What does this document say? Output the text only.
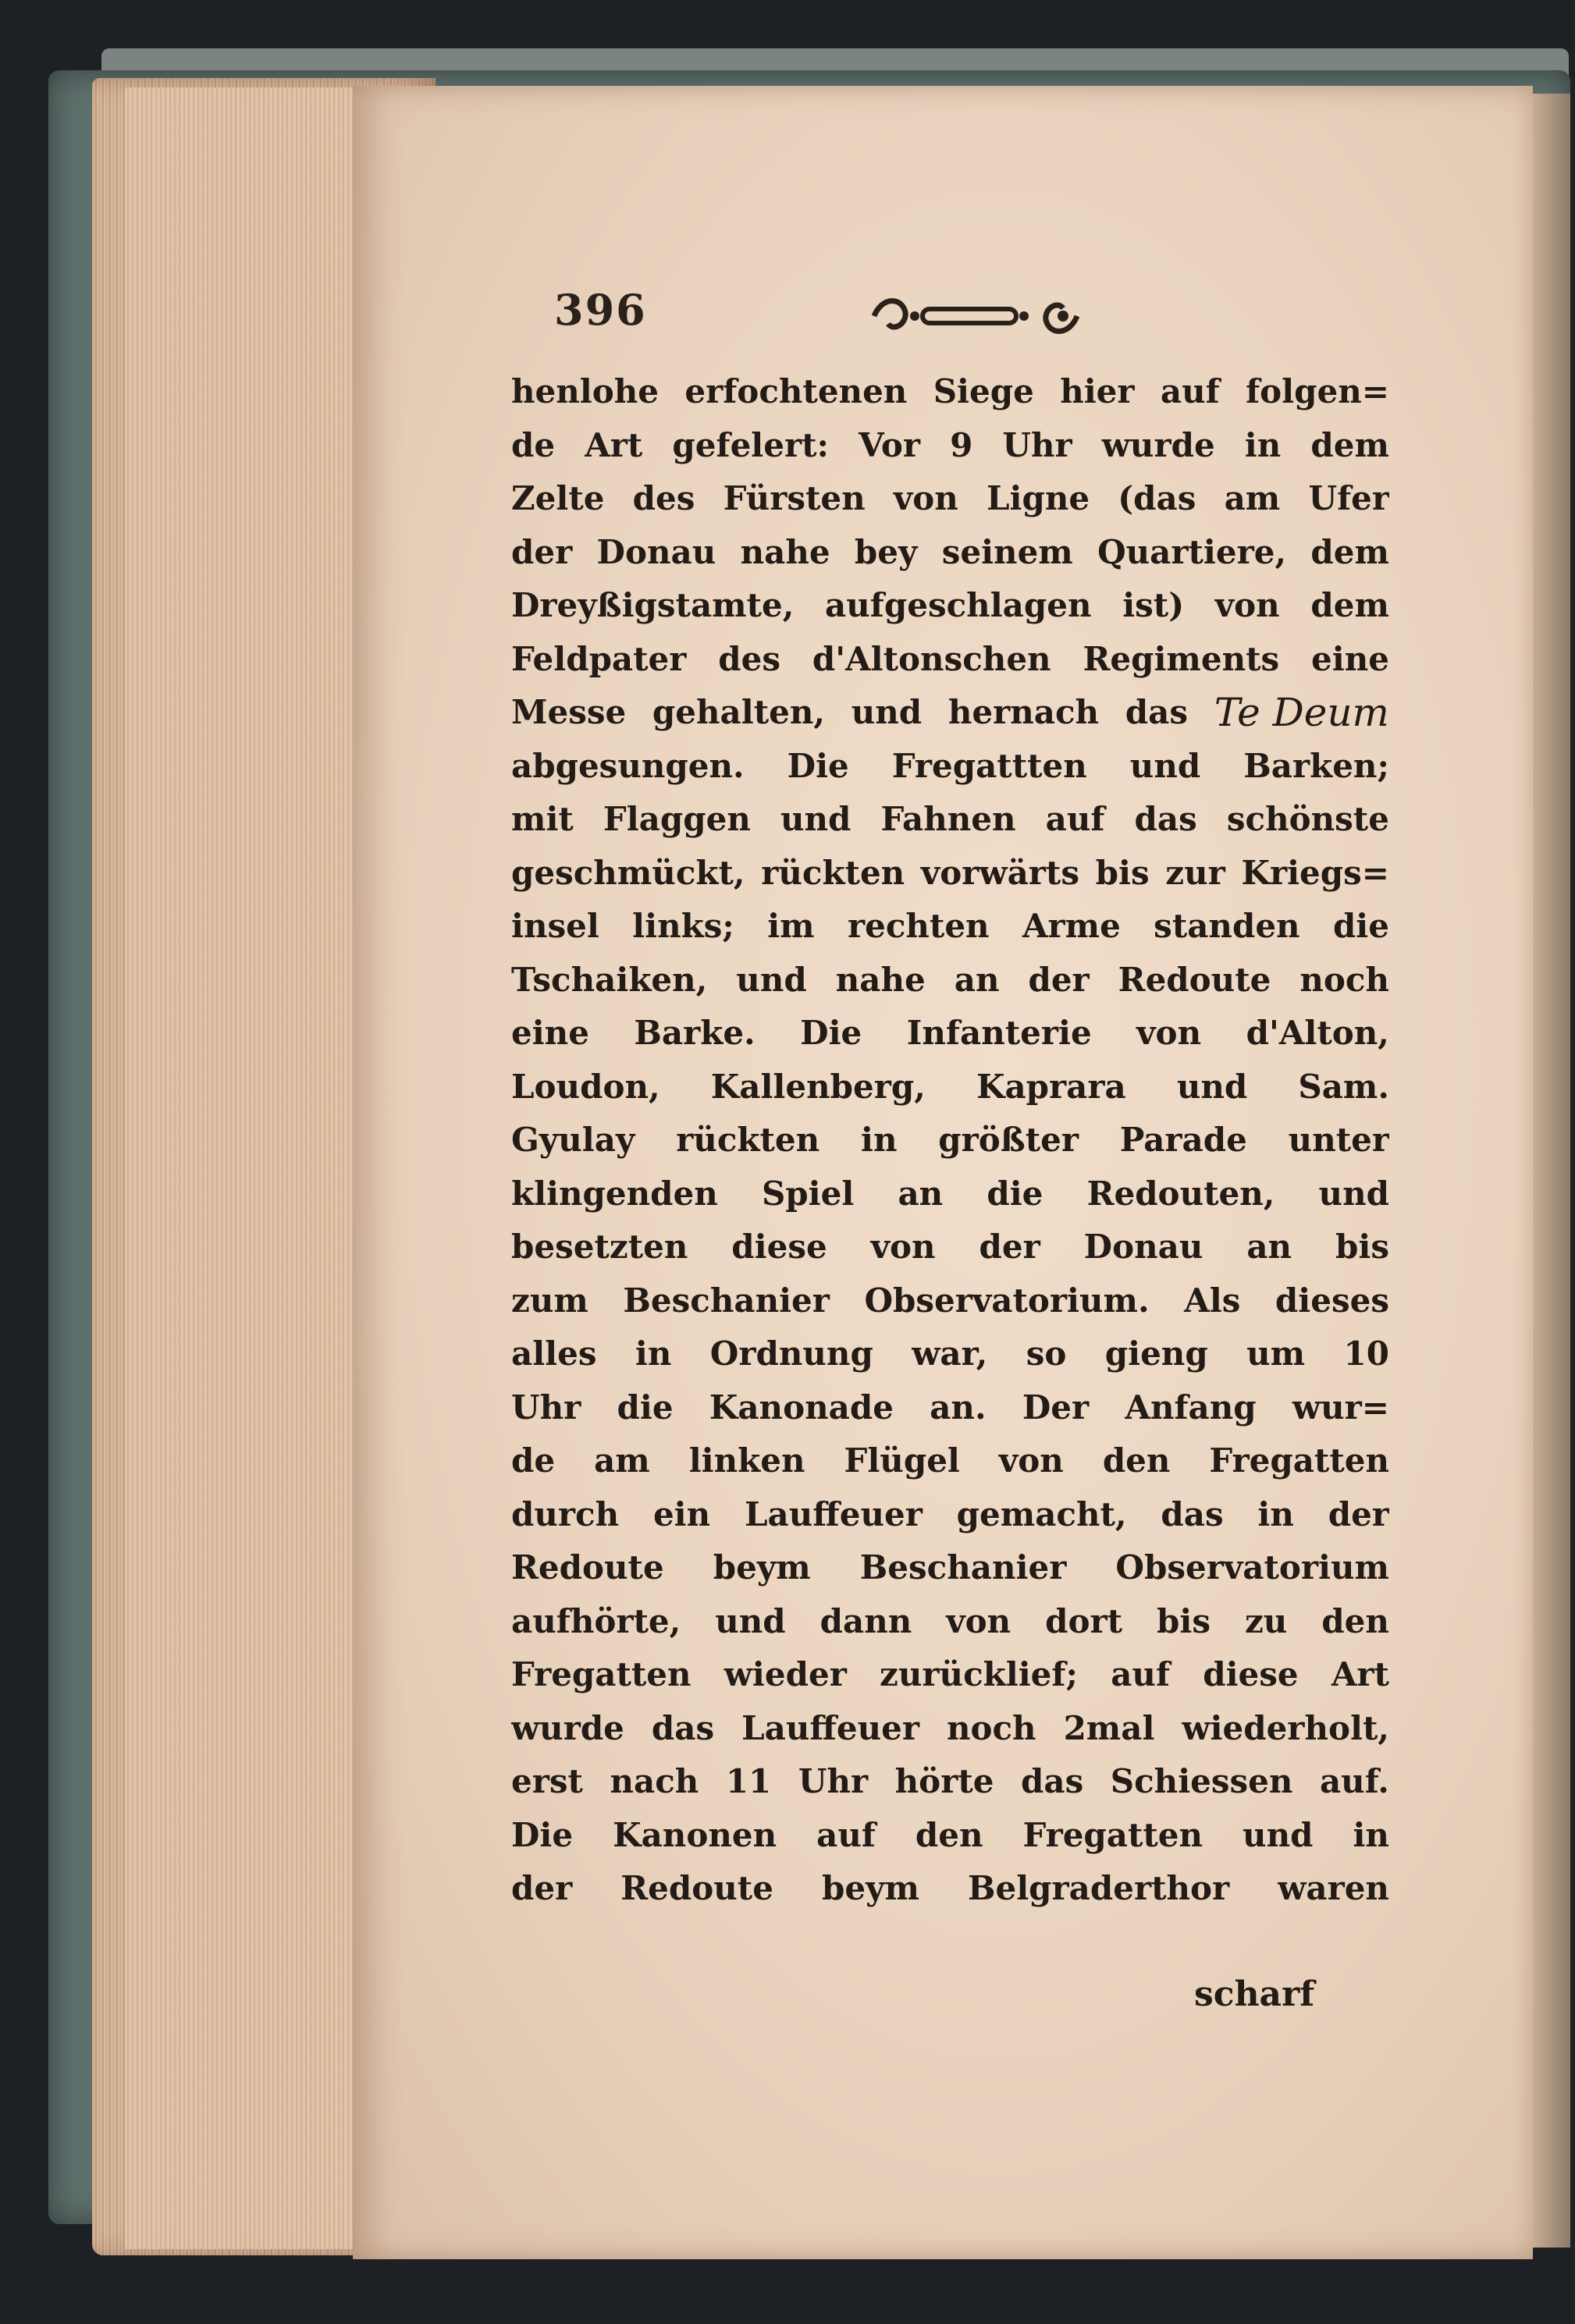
396
henlohe erfochtenen Siege hier auf folgen=
de Art gefelert: Vor 9 Uhr wurde in dem
Zelte des Fürsten von Ligne (das am Ufer
der Donau nahe bey seinem Quartiere, dem
Dreyßigstamte, aufgeschlagen ist) von dem
Feldpater des d'Altonschen Regiments eine
Messe gehalten, und hernach das Te Deum
abgesungen. Die Fregattten und Barken;
mit Flaggen und Fahnen auf das schönste
geschmückt, rückten vorwärts bis zur Kriegs=
insel links; im rechten Arme standen die
Tschaiken, und nahe an der Redoute noch
eine Barke. Die Infanterie von d'Alton,
Loudon, Kallenberg, Kaprara und Sam.
Gyulay rückten in größter Parade unter
klingenden Spiel an die Redouten, und
besetzten diese von der Donau an bis
zum Beschanier Observatorium. Als dieses
alles in Ordnung war, so gieng um 10
Uhr die Kanonade an. Der Anfang wur=
de am linken Flügel von den Fregatten
durch ein Lauffeuer gemacht, das in der
Redoute beym Beschanier Observatorium
aufhörte, und dann von dort bis zu den
Fregatten wieder zurücklief; auf diese Art
wurde das Lauffeuer noch 2mal wiederholt,
erst nach 11 Uhr hörte das Schiessen auf.
Die Kanonen auf den Fregatten und in
der Redoute beym Belgraderthor waren
scharf
